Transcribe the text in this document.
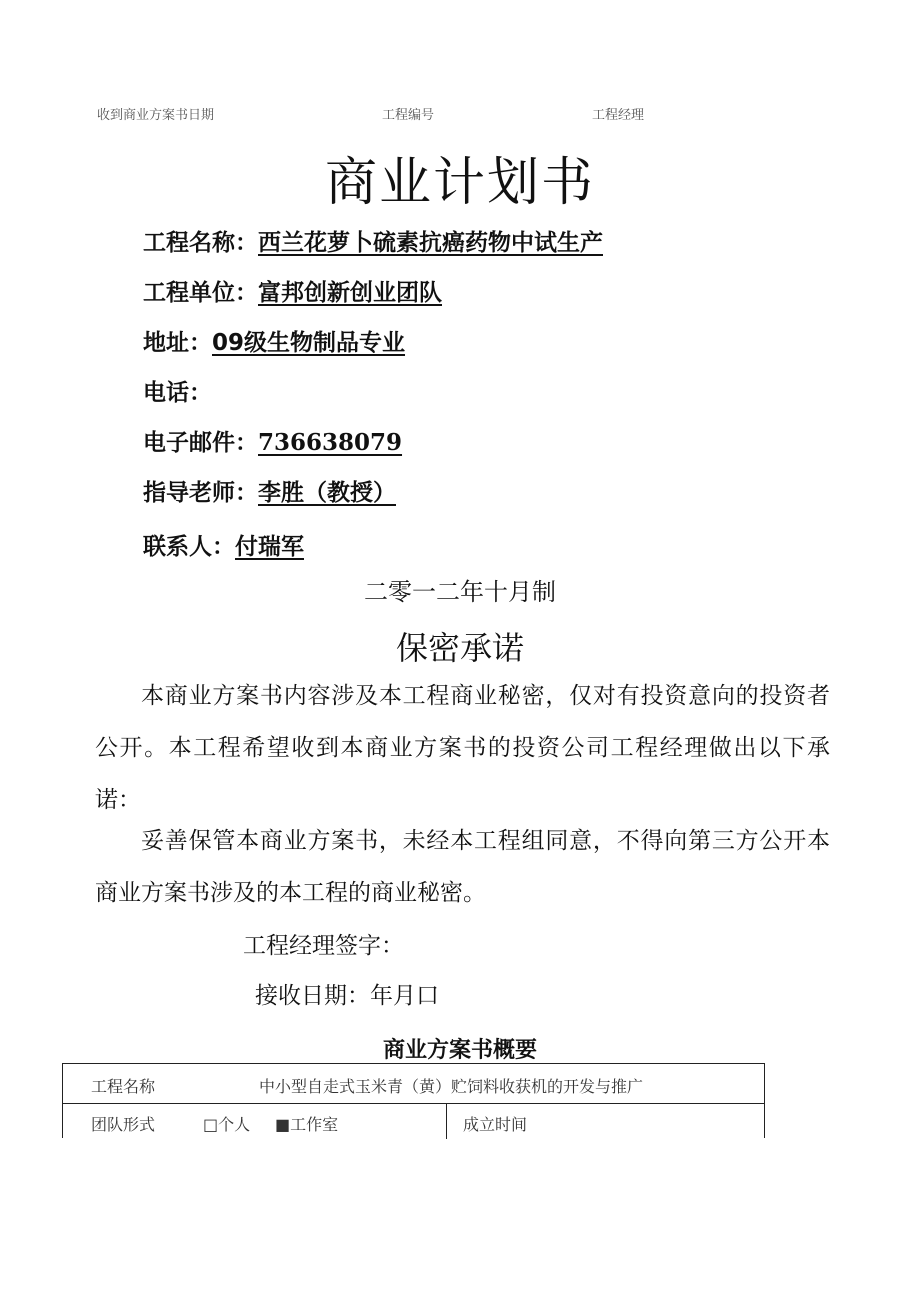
收到商业方案书日期	工程编号	工程经理
商业计划书
工程名称：西兰花萝卜硫素抗癌药物中试生产
工程单位：富邦创新创业团队
地址：09级生物制品专业
电话：
电子邮件：736638079
指导老师：李胜（教授）
联系人：付瑞军
二零一二年十月制
保密承诺
本商业方案书内容涉及本工程商业秘密，仅对有投资意向的投资者公开。本工程希望收到本商业方案书的投资公司工程经理做出以下承诺：
妥善保管本商业方案书，未经本工程组同意，不得向第三方公开本商业方案书涉及的本工程的商业秘密。
工程经理签字：
接收日期：年月口
商业方案书概要
工程名称	中小型自走式玉米青（黄）贮饲料收获机的开发与推广
团队形式	□个人 ■工作室	成立时间
